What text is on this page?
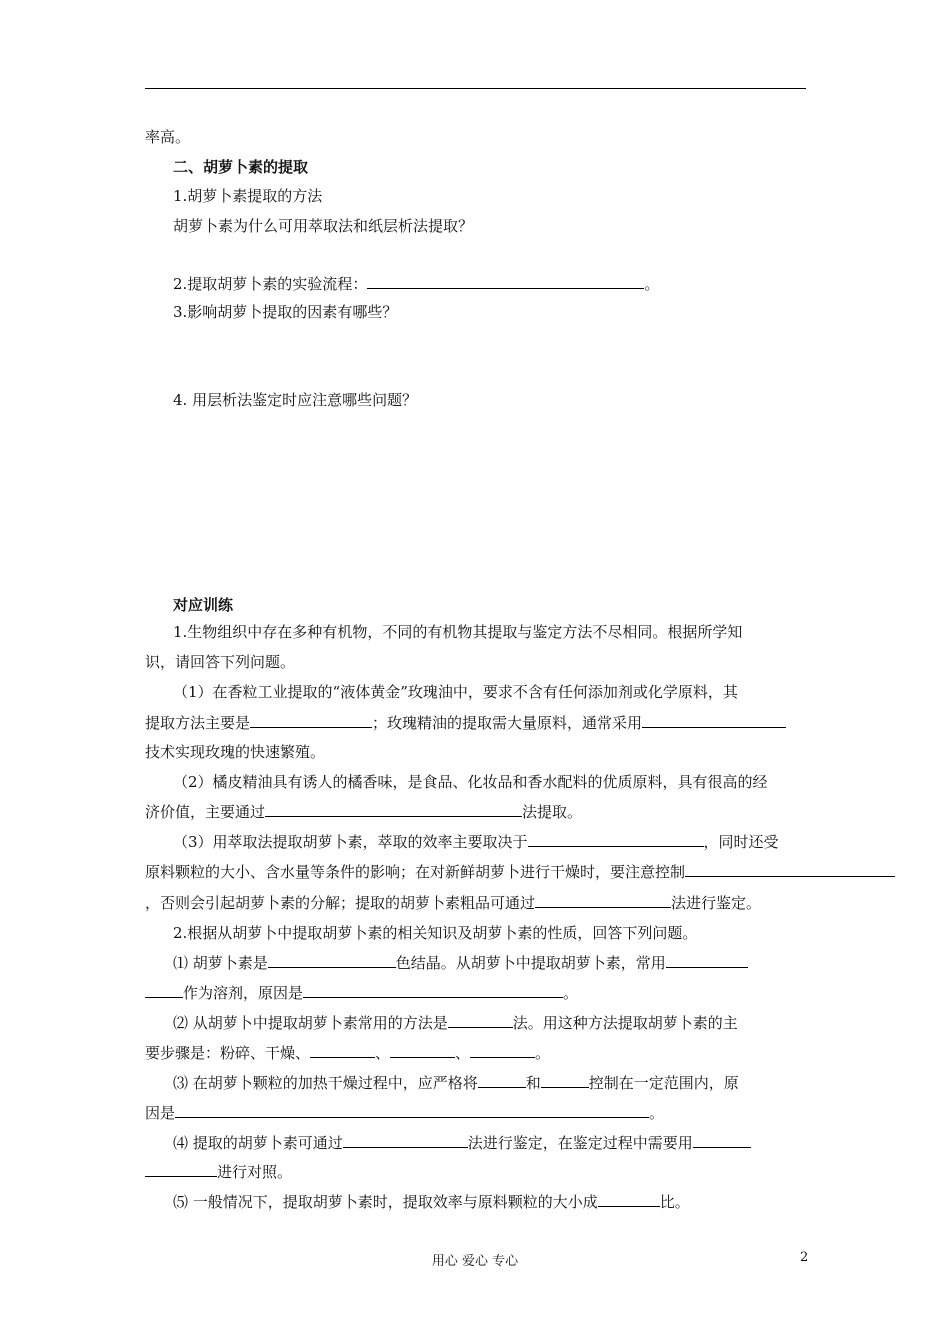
率高。
二、胡萝卜素的提取
1.胡萝卜素提取的方法
胡萝卜素为什么可用萃取法和纸层析法提取？
2.提取胡萝卜素的实验流程：	。
3.影响胡萝卜提取的因素有哪些？
4. 用层析法鉴定时应注意哪些问题？
对应训练
1.生物组织中存在多种有机物，不同的有机物其提取与鉴定方法不尽相同。根据所学知
识，请回答下列问题。
（1）在香粒工业提取的“液体黄金”玫瑰油中，要求不含有任何添加剂或化学原料，其
提取方法主要是	；玫瑰精油的提取需大量原料，通常采用
技术实现玫瑰的快速繁殖。
（2）橘皮精油具有诱人的橘香味，是食品、化妆品和香水配料的优质原料，具有很高的经
济价值，主要通过	法提取。
（3）用萃取法提取胡萝卜素，萃取的效率主要取决于	，同时还受
原料颗粒的大小、含水量等条件的影响；在对新鲜胡萝卜进行干燥时，要注意控制
，否则会引起胡萝卜素的分解；提取的胡萝卜素粗品可通过	法进行鉴定。
2.根据从胡萝卜中提取胡萝卜素的相关知识及胡萝卜素的性质，回答下列问题。
⑴ 胡萝卜素是	色结晶。从胡萝卜中提取胡萝卜素，常用
作为溶剂，原因是	。
⑵ 从胡萝卜中提取胡萝卜素常用的方法是	法。用这种方法提取胡萝卜素的主
要步骤是：粉碎、干燥、	、	、	。
⑶ 在胡萝卜颗粒的加热干燥过程中，应严格将	和	控制在一定范围内，原
因是	。
⑷ 提取的胡萝卜素可通过	法进行鉴定，在鉴定过程中需要用
进行对照。
⑸ 一般情况下，提取胡萝卜素时，提取效率与原料颗粒的大小成	比。
用心 爱心 专心	2
